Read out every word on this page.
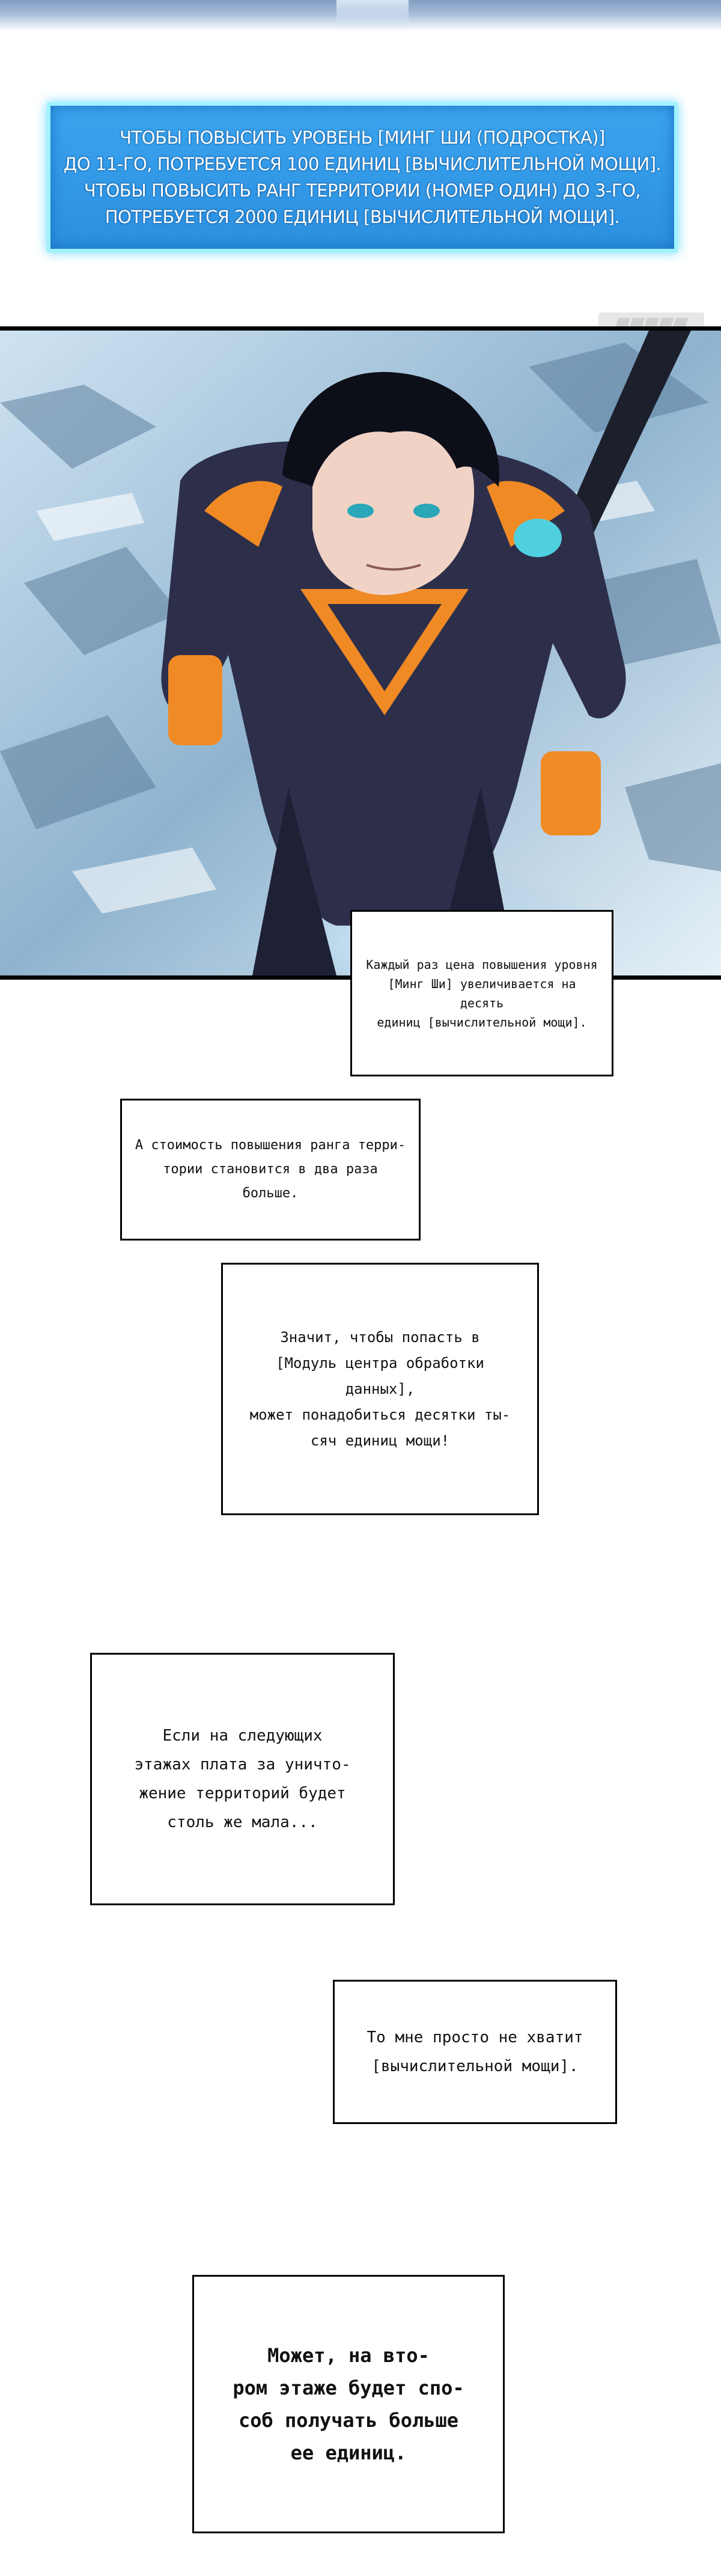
ЧТОБЫ ПОВЫСИТЬ УРОВЕНЬ [МИНГ ШИ (ПОДРОСТКА)]

ДО 11-ГО, ПОТРЕБУЕТСЯ 100 ЕДИНИЦ [ВЫЧИСЛИТЕЛЬНОЙ МОЩИ].

ЧТОБЫ ПОВЫСИТЬ РАНГ ТЕРРИТОРИИ (НОМЕР ОДИН) ДО 3-ГО,

ПОТРЕБУЕТСЯ 2000 ЕДИНИЦ [ВЫЧИСЛИТЕЛЬНОЙ МОЩИ].

Каждый раз цена повышения уровня
[Минг Ши] увеличивается на десять
единиц [вычислительной мощи].

А стоимость повышения ранга терри-
тории становится в два раза больше.

Значит, чтобы попасть в
[Модуль центра обработки данных],
может понадобиться десятки ты-
сяч единиц мощи!

Если на следующих
этажах плата за уничто-
жение территорий будет
столь же мала...

То мне просто не хватит
[вычислительной мощи].

Может, на вто-
ром этаже будет спо-
соб получать больше
ее единиц.
